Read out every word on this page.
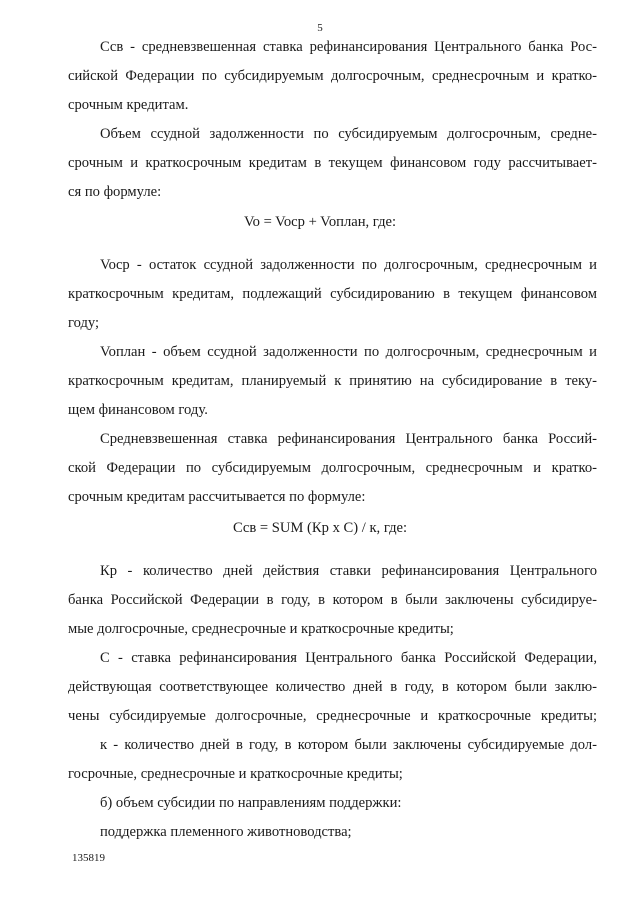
5
Ссв - средневзвешенная ставка рефинансирования Центрального банка Рос-
сийской Федерации по субсидируемым долгосрочным, среднесрочным и кратко-
срочным кредитам.
Объем ссудной задолженности по субсидируемым долгосрочным, средне-
срочным и краткосрочным кредитам в текущем финансовом году рассчитывает-
ся по формуле:
Vo = Vocp + Voплан, где:
Vocp - остаток ссудной задолженности по долгосрочным, среднесрочным и
краткосрочным кредитам, подлежащий субсидированию в текущем финансовом
году;
Voплан - объем ссудной задолженности по долгосрочным, среднесрочным и
краткосрочным кредитам, планируемый к принятию на субсидирование в теку-
щем финансовом году.
Средневзвешенная ставка рефинансирования Центрального банка Россий-
ской Федерации по субсидируемым долгосрочным, среднесрочным и кратко-
срочным кредитам рассчитывается по формуле:
Ссв = SUM (Кр х С) / к, где:
Кр - количество дней действия ставки рефинансирования Центрального
банка Российской Федерации в году, в котором в были заключены субсидируе-
мые долгосрочные, среднесрочные и краткосрочные кредиты;
С - ставка рефинансирования Центрального банка Российской Федерации,
действующая соответствующее количество дней в году, в котором были заклю-
чены субсидируемые долгосрочные, среднесрочные и краткосрочные кредиты;
к - количество дней в году, в котором были заключены субсидируемые дол-
госрочные, среднесрочные и краткосрочные кредиты;
б) объем субсидии по направлениям поддержки:
поддержка племенного животноводства;
135819
